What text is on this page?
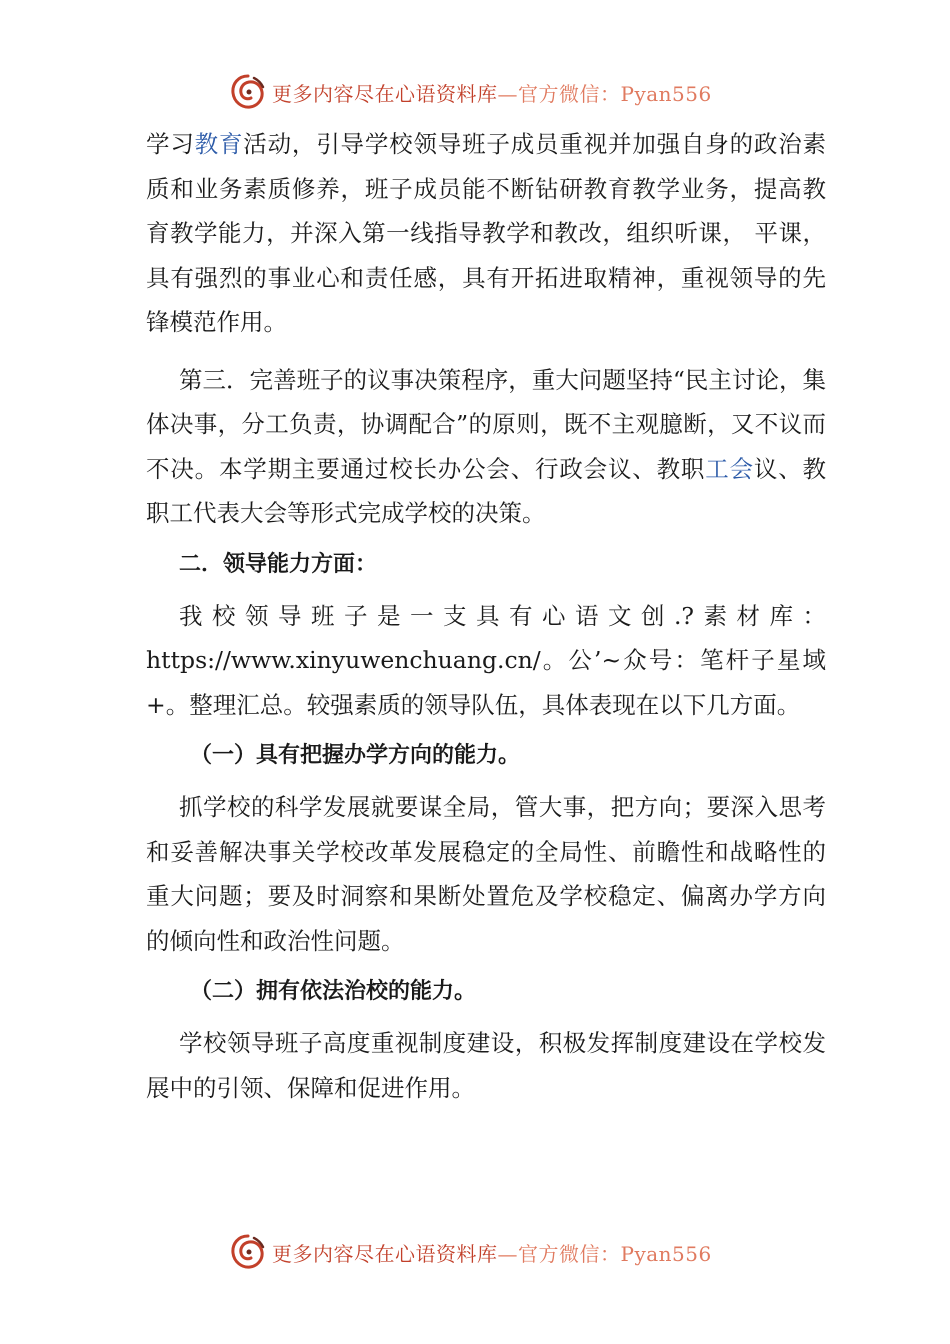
更多内容尽在心语资料库—官方微信：Pyan556

学习教育活动，引导学校领导班子成员重视并加强自身的政治素质和业务素质修养，班子成员能不断钻研教育教学业务，提高教育教学能力，并深入第一线指导教学和教改，组织听课， 平课，具有强烈的事业心和责任感，具有开拓进取精神，重视领导的先锋模范作用。

第三．完善班子的议事决策程序，重大问题坚持“民主讨论，集体决事，分工负责，协调配合”的原则，既不主观臆断，又不议而不决。本学期主要通过校长办公会、行政会议、教职工会议、教职工代表大会等形式完成学校的决策。

二．领导能力方面：

我校领导班子是一支具有心语文创.?素材库：https://www.xinyuwenchuang.cn/。公’~众号：笔杆子星域+。整理汇总。较强素质的领导队伍，具体表现在以下几方面。

（一）具有把握办学方向的能力。

抓学校的科学发展就要谋全局，管大事，把方向；要深入思考和妥善解决事关学校改革发展稳定的全局性、前瞻性和战略性的重大问题；要及时洞察和果断处置危及学校稳定、偏离办学方向的倾向性和政治性问题。

（二）拥有依法治校的能力。

学校领导班子高度重视制度建设，积极发挥制度建设在学校发展中的引领、保障和促进作用。

更多内容尽在心语资料库—官方微信：Pyan556
